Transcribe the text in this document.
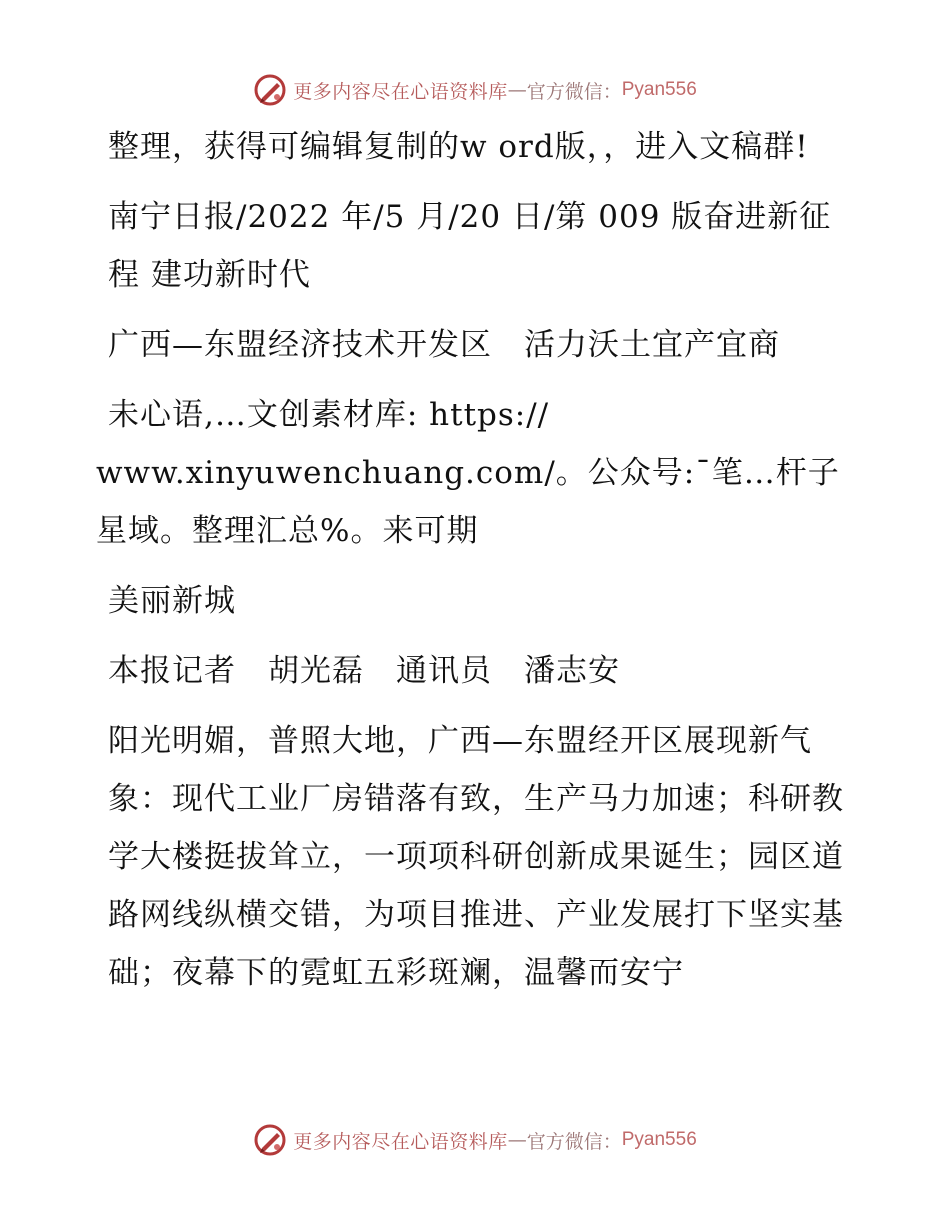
更多内容尽在心语资料库 — 官方微信： Pyan556

整理，获得可编辑复制的w ord版，，进入文稿群!

南宁日报/2022 年/5 月/20 日/第 009 版奋进新征程 建功新时代

广西—东盟经济技术开发区　活力沃土宜产宜商

未心语,…文创素材库: https://

www.xinyuwenchuang.com/。公众号:¯笔…杆子星域。整理汇总%。来可期

美丽新城

本报记者　胡光磊　通讯员　潘志安

阳光明媚，普照大地，广西—东盟经开区展现新气象：现代工业厂房错落有致，生产马力加速；科研教学大楼挺拔耸立，一项项科研创新成果诞生；园区道路网线纵横交错，为项目推进、产业发展打下坚实基础；夜幕下的霓虹五彩斑斓，温馨而安宁

更多内容尽在心语资料库 — 官方微信： Pyan556
